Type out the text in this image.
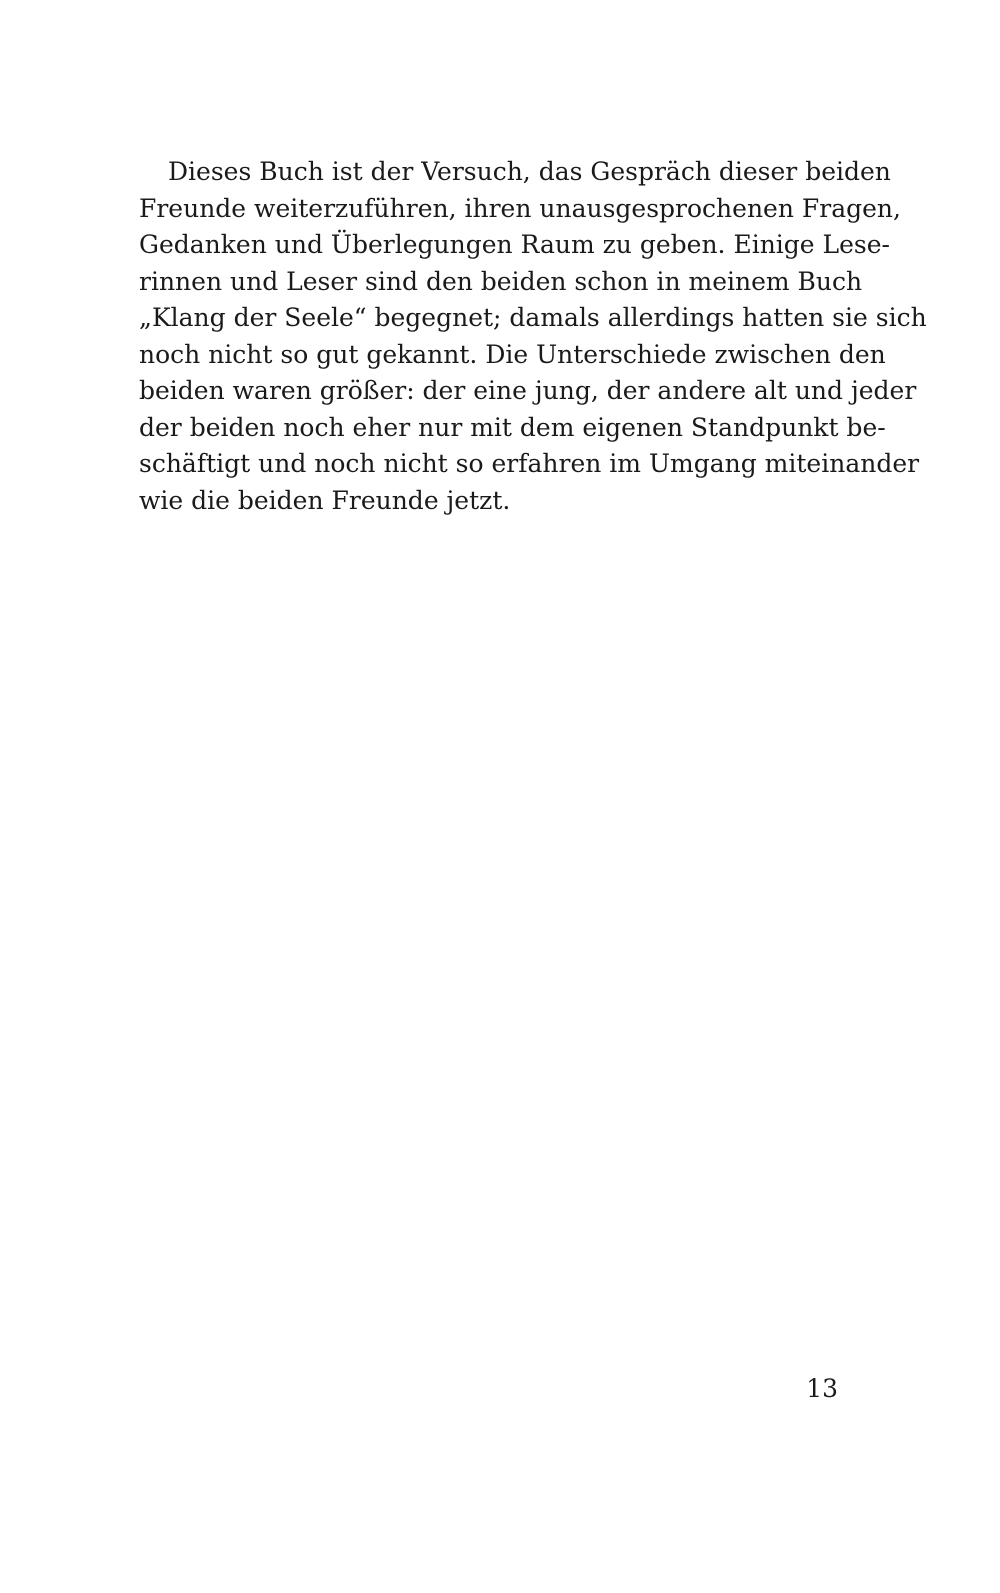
Dieses Buch ist der Versuch, das Gespräch dieser beiden
Freunde weiterzuführen, ihren unausgesprochenen Fragen,
Gedanken und Überlegungen Raum zu geben. Einige Lese-
rinnen und Leser sind den beiden schon in meinem Buch
„Klang der Seele“ begegnet; damals allerdings hatten sie sich
noch nicht so gut gekannt. Die Unterschiede zwischen den
beiden waren größer: der eine jung, der andere alt und jeder
der beiden noch eher nur mit dem eigenen Standpunkt be-
schäftigt und noch nicht so erfahren im Umgang miteinander
wie die beiden Freunde jetzt.
13
